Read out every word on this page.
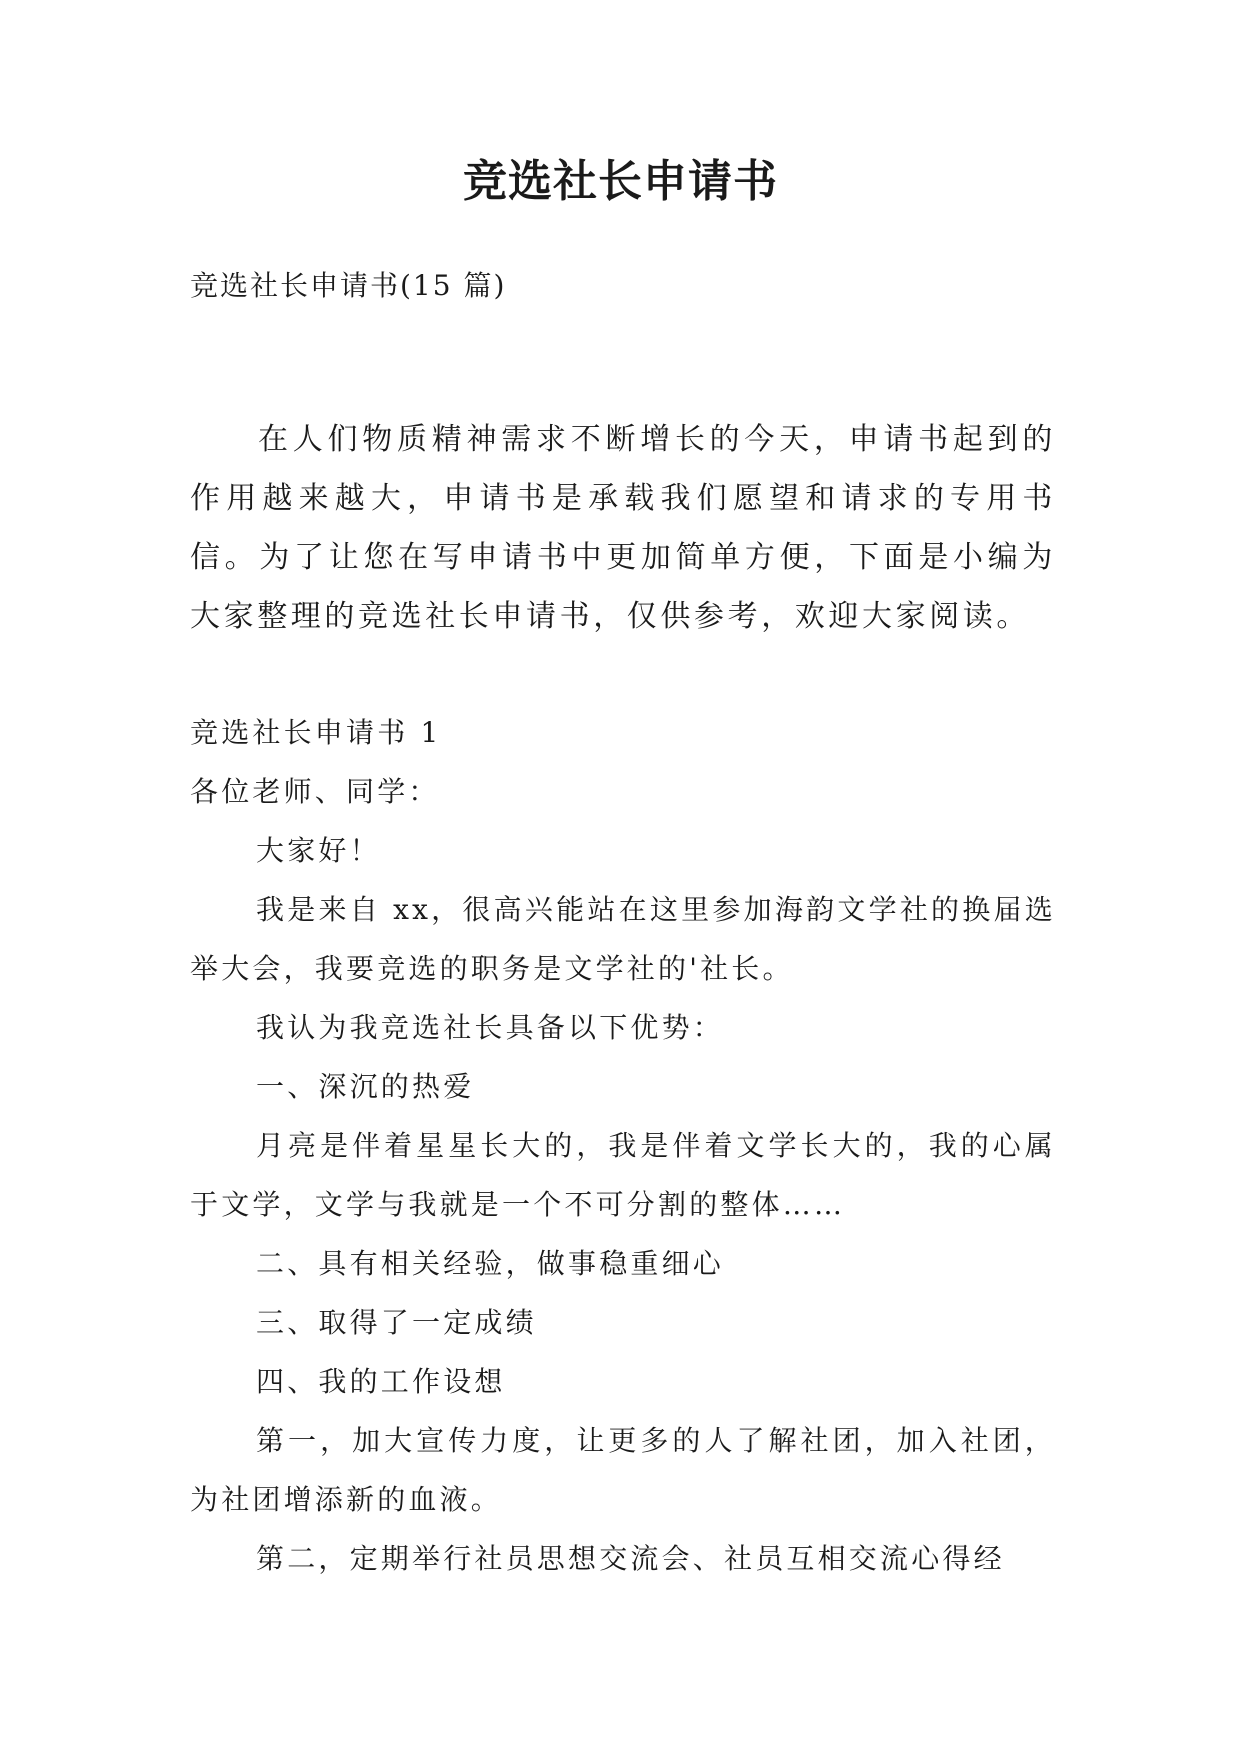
竞选社长申请书
竞选社长申请书(15 篇)

在人们物质精神需求不断增长的今天，申请书起到的作用越来越大，申请书是承载我们愿望和请求的专用书信。为了让您在写申请书中更加简单方便，下面是小编为大家整理的竞选社长申请书，仅供参考，欢迎大家阅读。

竞选社长申请书 1

各位老师、同学：

大家好！

我是来自 xx，很高兴能站在这里参加海韵文学社的换届选举大会，我要竞选的职务是文学社的'社长。

我认为我竞选社长具备以下优势：

一、深沉的热爱

月亮是伴着星星长大的，我是伴着文学长大的，我的心属于文学，文学与我就是一个不可分割的整体……

二、具有相关经验，做事稳重细心

三、取得了一定成绩

四、我的工作设想

第一，加大宣传力度，让更多的人了解社团，加入社团，为社团增添新的血液。

第二，定期举行社员思想交流会、社员互相交流心得经
